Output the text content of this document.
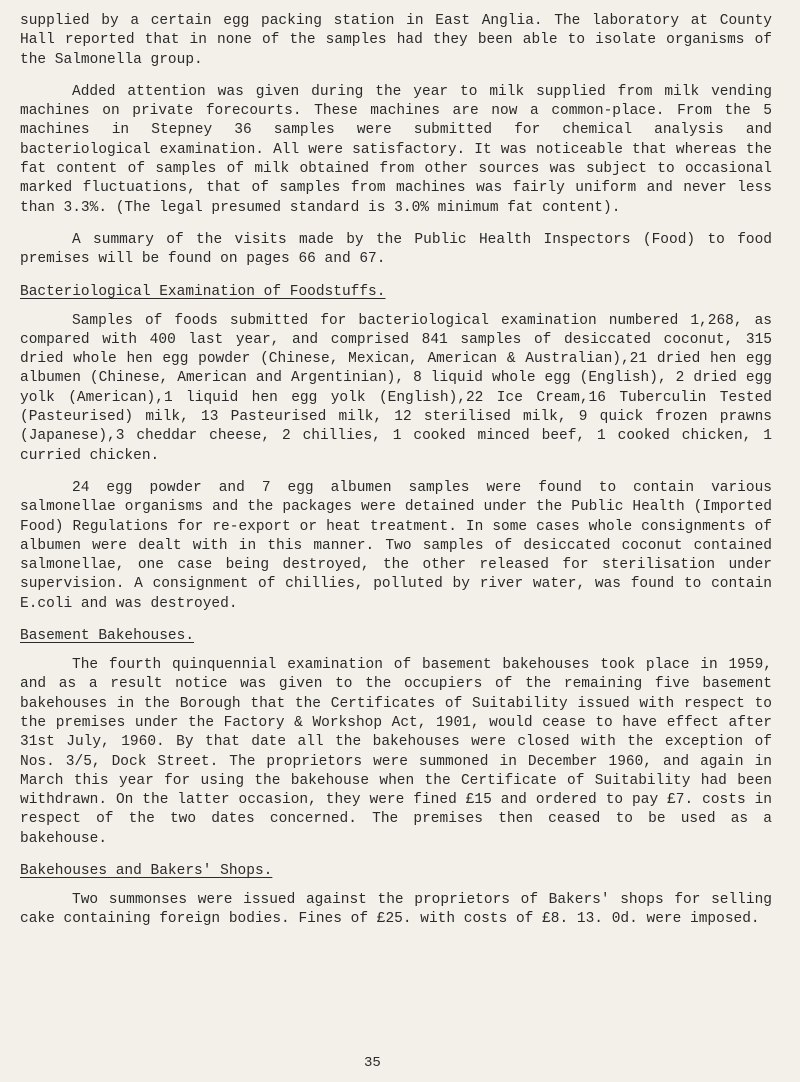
supplied by a certain egg packing station in East Anglia. The laboratory at County Hall reported that in none of the samples had they been able to isolate organisms of the Salmonella group.

Added attention was given during the year to milk supplied from milk vending machines on private forecourts. These machines are now a common-place. From the 5 machines in Stepney 36 samples were submitted for chemical analysis and bacteriological examination. All were satisfactory. It was noticeable that whereas the fat content of samples of milk obtained from other sources was subject to occasional marked fluctuations, that of samples from machines was fairly uniform and never less than 3.3%. (The legal presumed standard is 3.0% minimum fat content).

A summary of the visits made by the Public Health Inspectors (Food) to food premises will be found on pages 66 and 67.

Bacteriological Examination of Foodstuffs.

Samples of foods submitted for bacteriological examination numbered 1,268, as compared with 400 last year, and comprised 841 samples of desiccated coconut, 315 dried whole hen egg powder (Chinese, Mexican, American & Australian),21 dried hen egg albumen (Chinese, American and Argentinian), 8 liquid whole egg (English), 2 dried egg yolk (American),1 liquid hen egg yolk (English),22 Ice Cream,16 Tuberculin Tested (Pasteurised) milk, 13 Pasteurised milk, 12 sterilised milk, 9 quick frozen prawns (Japanese),3 cheddar cheese, 2 chillies, 1 cooked minced beef, 1 cooked chicken, 1 curried chicken.

24 egg powder and 7 egg albumen samples were found to contain various salmonellae organisms and the packages were detained under the Public Health (Imported Food) Regulations for re-export or heat treatment. In some cases whole consignments of albumen were dealt with in this manner. Two samples of desiccated coconut contained salmonellae, one case being destroyed, the other released for sterilisation under supervision. A consignment of chillies, polluted by river water, was found to contain E.coli and was destroyed.

Basement Bakehouses.

The fourth quinquennial examination of basement bakehouses took place in 1959, and as a result notice was given to the occupiers of the remaining five basement bakehouses in the Borough that the Certificates of Suitability issued with respect to the premises under the Factory & Workshop Act, 1901, would cease to have effect after 31st July, 1960. By that date all the bakehouses were closed with the exception of Nos. 3/5, Dock Street. The proprietors were summoned in December 1960, and again in March this year for using the bakehouse when the Certificate of Suitability had been withdrawn. On the latter occasion, they were fined £15 and ordered to pay £7. costs in respect of the two dates concerned. The premises then ceased to be used as a bakehouse.

Bakehouses and Bakers' Shops.

Two summonses were issued against the proprietors of Bakers' shops for selling cake containing foreign bodies. Fines of £25. with costs of £8. 13. 0d. were imposed.

35
